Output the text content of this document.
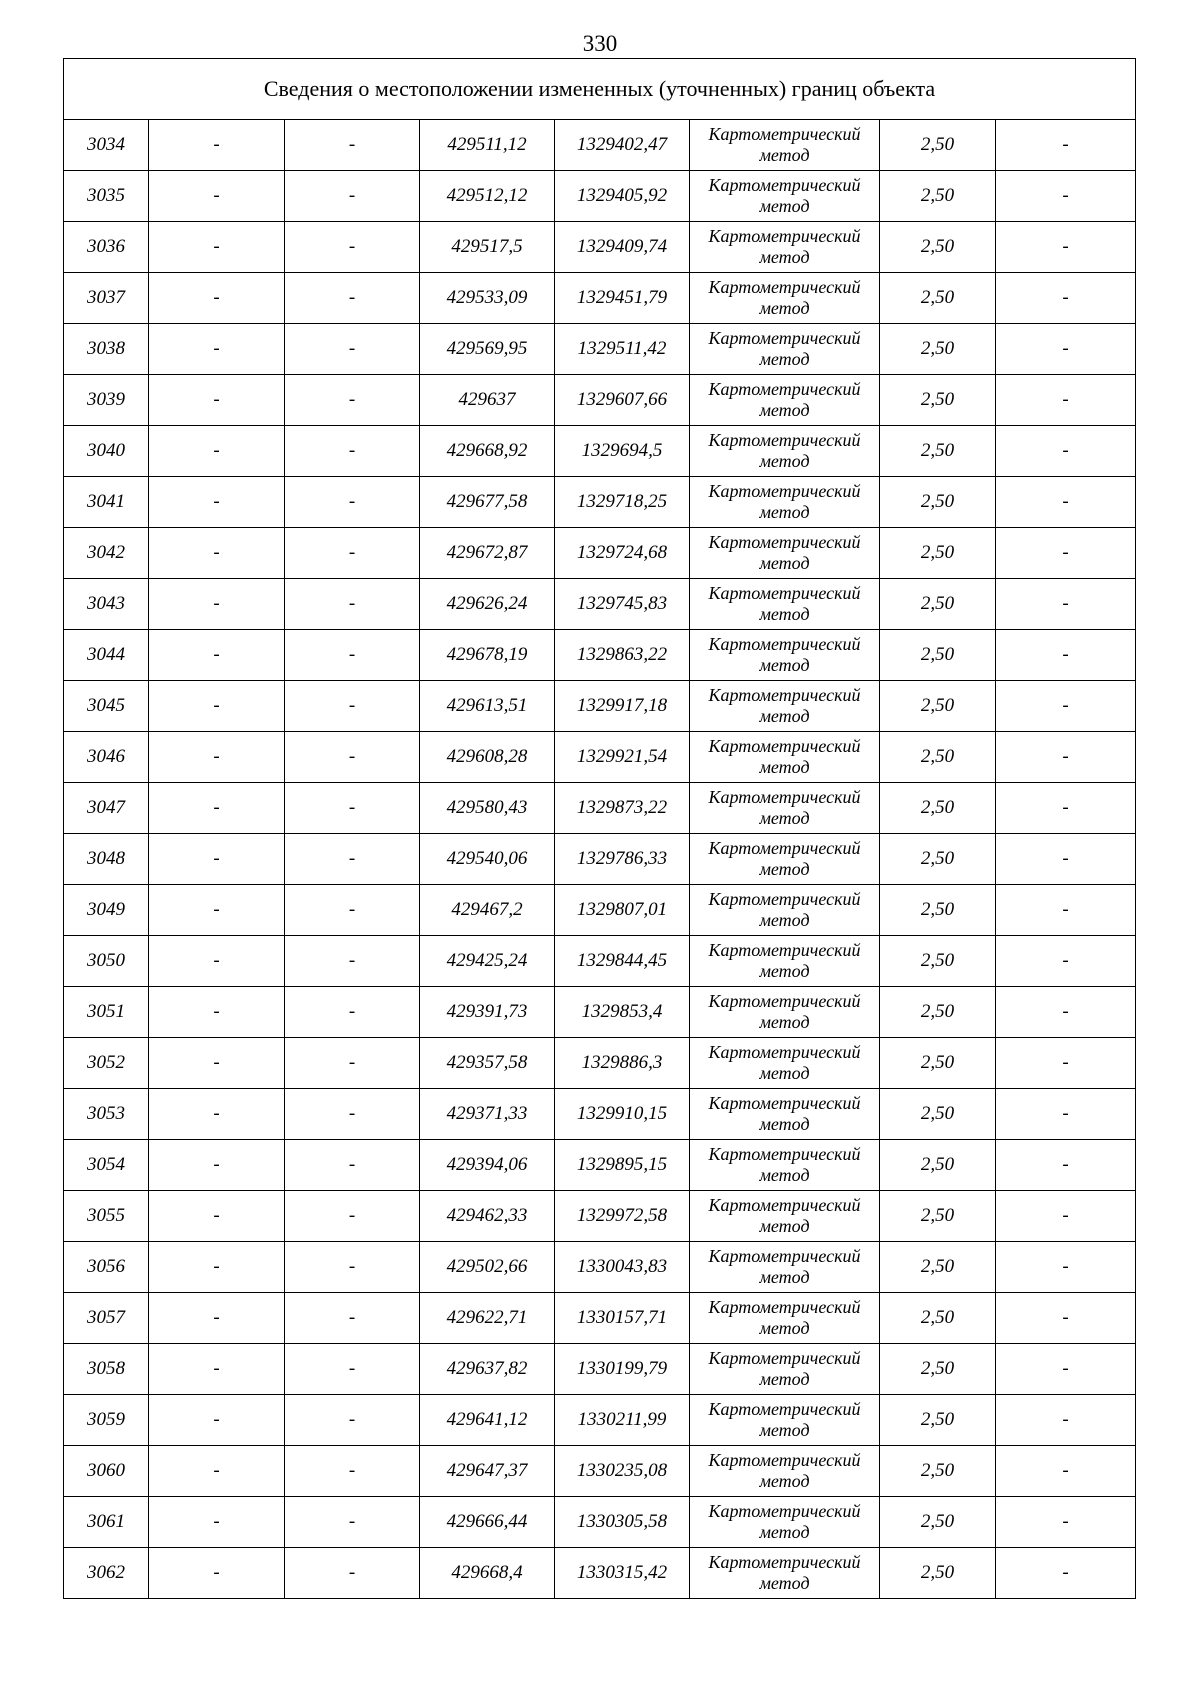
330
Сведения о местоположении измененных (уточненных) границ объекта							
3034	-	-	429511,12	1329402,47	Картометрический метод	2,50	-
3035	-	-	429512,12	1329405,92	Картометрический метод	2,50	-
3036	-	-	429517,5	1329409,74	Картометрический метод	2,50	-
3037	-	-	429533,09	1329451,79	Картометрический метод	2,50	-
3038	-	-	429569,95	1329511,42	Картометрический метод	2,50	-
3039	-	-	429637	1329607,66	Картометрический метод	2,50	-
3040	-	-	429668,92	1329694,5	Картометрический метод	2,50	-
3041	-	-	429677,58	1329718,25	Картометрический метод	2,50	-
3042	-	-	429672,87	1329724,68	Картометрический метод	2,50	-
3043	-	-	429626,24	1329745,83	Картометрический метод	2,50	-
3044	-	-	429678,19	1329863,22	Картометрический метод	2,50	-
3045	-	-	429613,51	1329917,18	Картометрический метод	2,50	-
3046	-	-	429608,28	1329921,54	Картометрический метод	2,50	-
3047	-	-	429580,43	1329873,22	Картометрический метод	2,50	-
3048	-	-	429540,06	1329786,33	Картометрический метод	2,50	-
3049	-	-	429467,2	1329807,01	Картометрический метод	2,50	-
3050	-	-	429425,24	1329844,45	Картометрический метод	2,50	-
3051	-	-	429391,73	1329853,4	Картометрический метод	2,50	-
3052	-	-	429357,58	1329886,3	Картометрический метод	2,50	-
3053	-	-	429371,33	1329910,15	Картометрический метод	2,50	-
3054	-	-	429394,06	1329895,15	Картометрический метод	2,50	-
3055	-	-	429462,33	1329972,58	Картометрический метод	2,50	-
3056	-	-	429502,66	1330043,83	Картометрический метод	2,50	-
3057	-	-	429622,71	1330157,71	Картометрический метод	2,50	-
3058	-	-	429637,82	1330199,79	Картометрический метод	2,50	-
3059	-	-	429641,12	1330211,99	Картометрический метод	2,50	-
3060	-	-	429647,37	1330235,08	Картометрический метод	2,50	-
3061	-	-	429666,44	1330305,58	Картометрический метод	2,50	-
3062	-	-	429668,4	1330315,42	Картометрический метод	2,50	-
